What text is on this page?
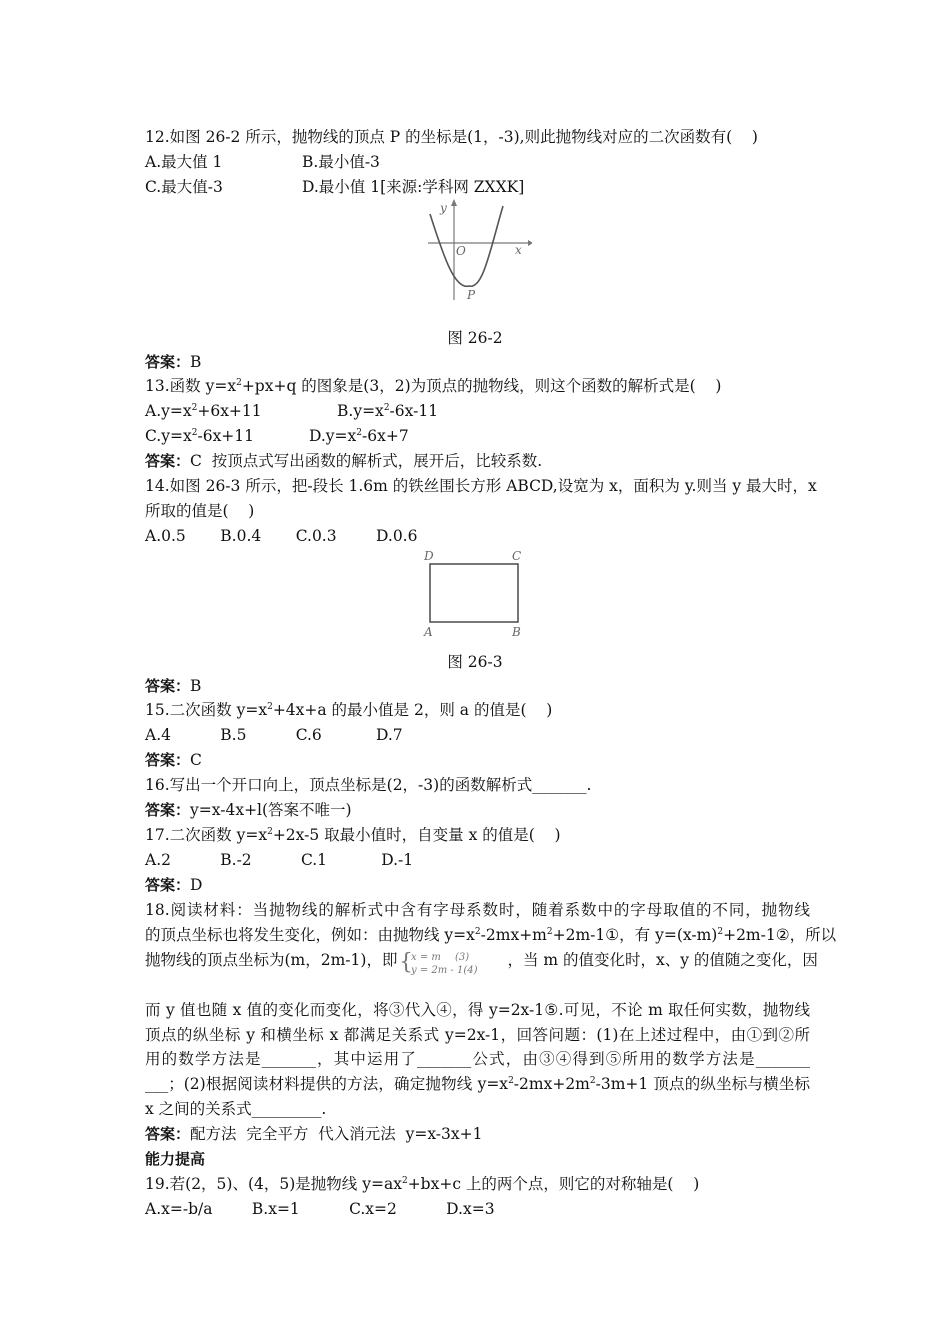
12.如图 26-2 所示，抛物线的顶点 P 的坐标是(1，-3),则此抛物线对应的二次函数有(    )
A.最大值 1	B.最小值-3
C.最大值-3	D.最小值 1[来源:学科网 ZXXK]
y
O	x
P
图 26-2
答案：B
13.函数 $y=x^2+px+q$ 的图象是(3，2)为顶点的抛物线，则这个函数的解析式是(    )
$A.y=x^2+6x+11$	$B.y=x^2-6x-11$
$C.y=x^2-6x+11$	$D.y=x^2-6x+7$
答案：C  按顶点式写出函数的解析式，展开后，比较系数.
14.如图 26-3 所示，把-段长 1.6m 的铁丝围长方形 ABCD,设宽为 x，面积为 y.则当 y 最大时，x
所取的值是(    )
A.0.5       B.0.4       C.0.3        D.0.6
D	C
A	B
图 26-3
答案：B
15.二次函数 $y=x^2+4x+a$ 的最小值是 2，则 a 的值是(    )
A.4          B.5          C.6           D.7
答案：C
16.写出一个开口向上，顶点坐标是(2，-3)的函数解析式_______.
答案：y=x-4x+l(答案不唯一)
17.二次函数 $y=x^2+2x-5$ 取最小值时，自变量 x 的值是(    )
A.2          B.-2          C.1           D.-1
答案：D
18.阅读材料：当抛物线的解析式中含有字母系数时，随着系数中的字母取值的不同，抛物线
的顶点坐标也将发生变化，例如：由抛物线 $y=x^2-2mx+m^2+2m-1①$，有 $y=(x-m)^2+2m-1②$，所以
抛物线的顶点坐标为(m，2m-1)，即 {
x = m (3)
y = 2m - 1(4)
，当 m 的值变化时，x、y 的值随之变化，因
而 y 值也随 x 值的变化而变化，将③代入④，得 y=2x-1⑤.可见，不论 m 取任何实数，抛物线
顶点的纵坐标 y 和横坐标 x 都满足关系式 y=2x-1，回答问题：(1)在上述过程中，由①到②所
用的数学方法是_______，其中运用了_______公式，由③④得到⑤所用的数学方法是_______
___；(2)根据阅读材料提供的方法，确定抛物线 $y=x^2-2mx+2m^2-3m+1$ 顶点的纵坐标与横坐标
x 之间的关系式_________.
答案：配方法  完全平方  代入消元法  y=x-3x+1
能力提高
19.若(2，5)、(4，5)是抛物线 $y=ax^2+bx+c$ 上的两个点，则它的对称轴是(    )
A.x=-b/a        B.x=1          C.x=2          D.x=3
